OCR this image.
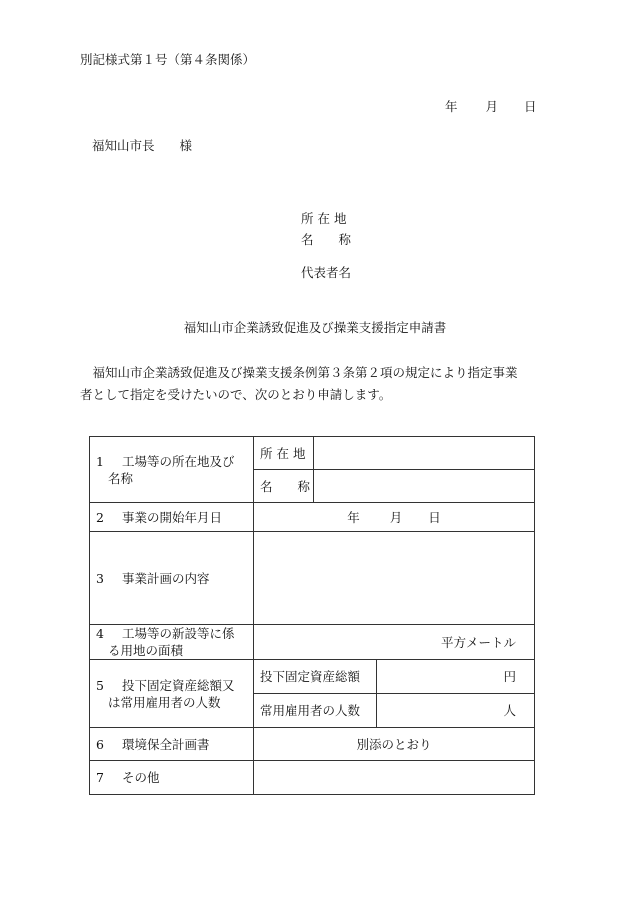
別記様式第１号（第４条関係）
年 月 日
福知山市長　　様
所 在 地
名　　称
代表者名
福知山市企業誘致促進及び操業支援指定申請書

　福知山市企業誘致促進及び操業支援条例第３条第２項の規定により指定事業

者として指定を受けたいので、次のとおり申請します。

1 工場等の所在地及び
名称	所 在 地		
	名　　称		
2 事業の開始年月日	年 月 日		
3 事業計画の内容			

4 工場等の新設等に係
る用地の面積	平方メートル		

5 投下固定資産総額又
は常用雇用者の人数	投下固定資産総額		円
	常用雇用者の人数		人
6 環境保全計画書	別添のとおり		
7 その他			
